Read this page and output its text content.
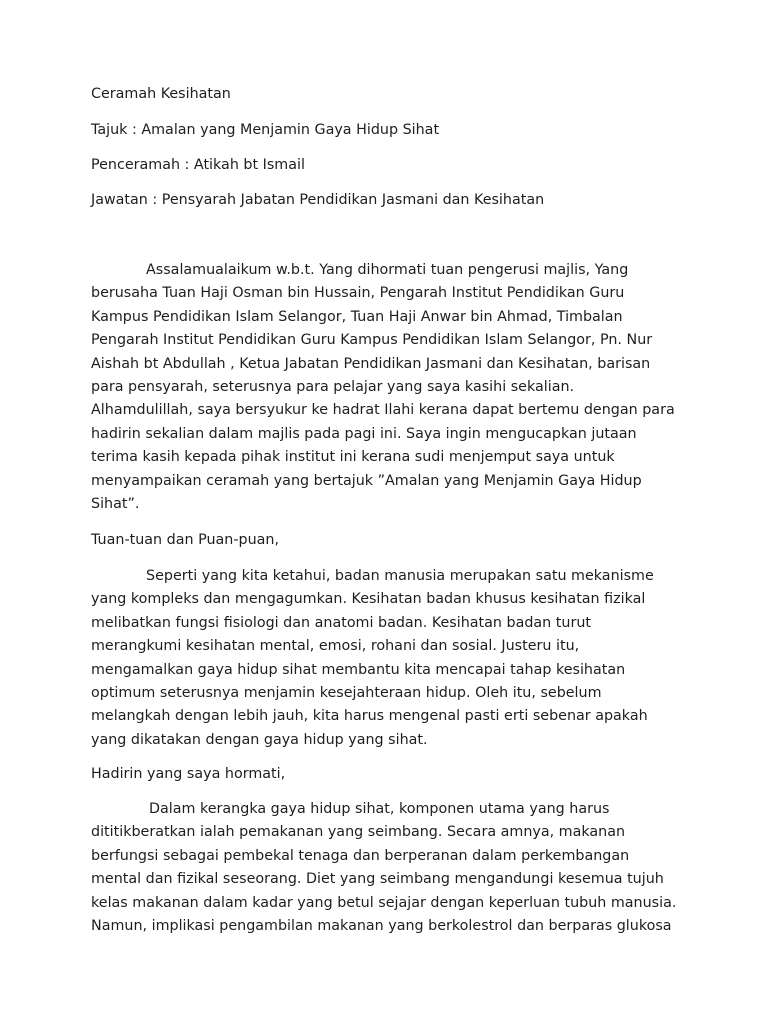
Ceramah Kesihatan
Tajuk : Amalan yang Menjamin Gaya Hidup Sihat
Penceramah : Atikah bt Ismail
Jawatan : Pensyarah Jabatan Pendidikan Jasmani dan Kesihatan
Assalamualaikum w.b.t. Yang dihormati tuan pengerusi majlis, Yang
berusaha Tuan Haji Osman bin Hussain, Pengarah Institut Pendidikan Guru
Kampus Pendidikan Islam Selangor, Tuan Haji Anwar bin Ahmad, Timbalan
Pengarah Institut Pendidikan Guru Kampus Pendidikan Islam Selangor, Pn. Nur
Aishah bt Abdullah , Ketua Jabatan Pendidikan Jasmani dan Kesihatan, barisan
para pensyarah, seterusnya para pelajar yang saya kasihi sekalian.
Alhamdulillah, saya bersyukur ke hadrat Ilahi kerana dapat bertemu dengan para
hadirin sekalian dalam majlis pada pagi ini. Saya ingin mengucapkan jutaan
terima kasih kepada pihak institut ini kerana sudi menjemput saya untuk
menyampaikan ceramah yang bertajuk ”Amalan yang Menjamin Gaya Hidup
Sihat”.
Tuan-tuan dan Puan-puan,
Seperti yang kita ketahui, badan manusia merupakan satu mekanisme
yang kompleks dan mengagumkan. Kesihatan badan khusus kesihatan fizikal
melibatkan fungsi fisiologi dan anatomi badan. Kesihatan badan turut
merangkumi kesihatan mental, emosi, rohani dan sosial. Justeru itu,
mengamalkan gaya hidup sihat membantu kita mencapai tahap kesihatan
optimum seterusnya menjamin kesejahteraan hidup. Oleh itu, sebelum
melangkah dengan lebih jauh, kita harus mengenal pasti erti sebenar apakah
yang dikatakan dengan gaya hidup yang sihat.
Hadirin yang saya hormati,
Dalam kerangka gaya hidup sihat, komponen utama yang harus
dititikberatkan ialah pemakanan yang seimbang. Secara amnya, makanan
berfungsi sebagai pembekal tenaga dan berperanan dalam perkembangan
mental dan fizikal seseorang. Diet yang seimbang mengandungi kesemua tujuh
kelas makanan dalam kadar yang betul sejajar dengan keperluan tubuh manusia.
Namun, implikasi pengambilan makanan yang berkolestrol dan berparas glukosa
